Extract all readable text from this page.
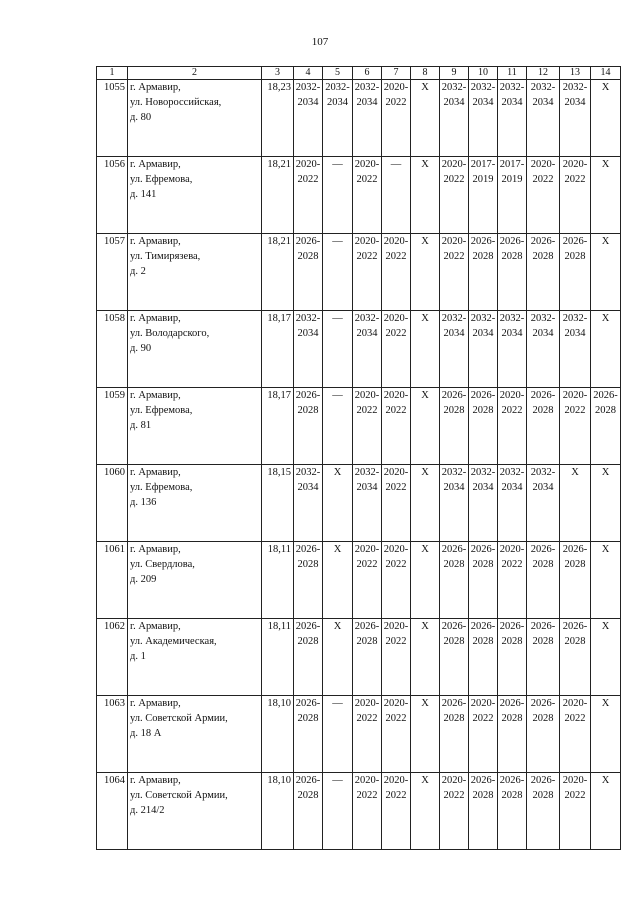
107
1	2	3	4	5	6	7	8	9	10	11	12	13	14
1055	г. Армавир,
ул. Новороссийская,
д. 80	18,23	2032-
2034	2032-
2034	2032-
2034	2020-
2022	X	2032-
2034	2032-
2034	2032-
2034	2032-
2034	2032-
2034	X

1056	г. Армавир,
ул. Ефремова,
д. 141	18,21	2020-
2022	—	2020-
2022	—	X	2020-
2022	2017-
2019	2017-
2019	2020-
2022	2020-
2022	X

1057	г. Армавир,
ул. Тимирязева,
д. 2	18,21	2026-
2028	—	2020-
2022	2020-
2022	X	2020-
2022	2026-
2028	2026-
2028	2026-
2028	2026-
2028	X

1058	г. Армавир,
ул. Володарского,
д. 90	18,17	2032-
2034	—	2032-
2034	2020-
2022	X	2032-
2034	2032-
2034	2032-
2034	2032-
2034	2032-
2034	X

1059	г. Армавир,
ул. Ефремова,
д. 81	18,17	2026-
2028	—	2020-
2022	2020-
2022	X	2026-
2028	2026-
2028	2020-
2022	2026-
2028	2020-
2022	2026-
2028

1060	г. Армавир,
ул. Ефремова,
д. 136	18,15	2032-
2034	X	2032-
2034	2020-
2022	X	2032-
2034	2032-
2034	2032-
2034	2032-
2034	X	X

1061	г. Армавир,
ул. Свердлова,
д. 209	18,11	2026-
2028	X	2020-
2022	2020-
2022	X	2026-
2028	2026-
2028	2020-
2022	2026-
2028	2026-
2028	X

1062	г. Армавир,
ул. Академическая,
д. 1	18,11	2026-
2028	X	2026-
2028	2020-
2022	X	2026-
2028	2026-
2028	2026-
2028	2026-
2028	2026-
2028	X

1063	г. Армавир,
ул. Советской Армии,
д. 18 А	18,10	2026-
2028	—	2020-
2022	2020-
2022	X	2026-
2028	2020-
2022	2026-
2028	2026-
2028	2020-
2022	X

1064	г. Армавир,
ул. Советской Армии,
д. 214/2	18,10	2026-
2028	—	2020-
2022	2020-
2022	X	2020-
2022	2026-
2028	2026-
2028	2026-
2028	2020-
2022	X
